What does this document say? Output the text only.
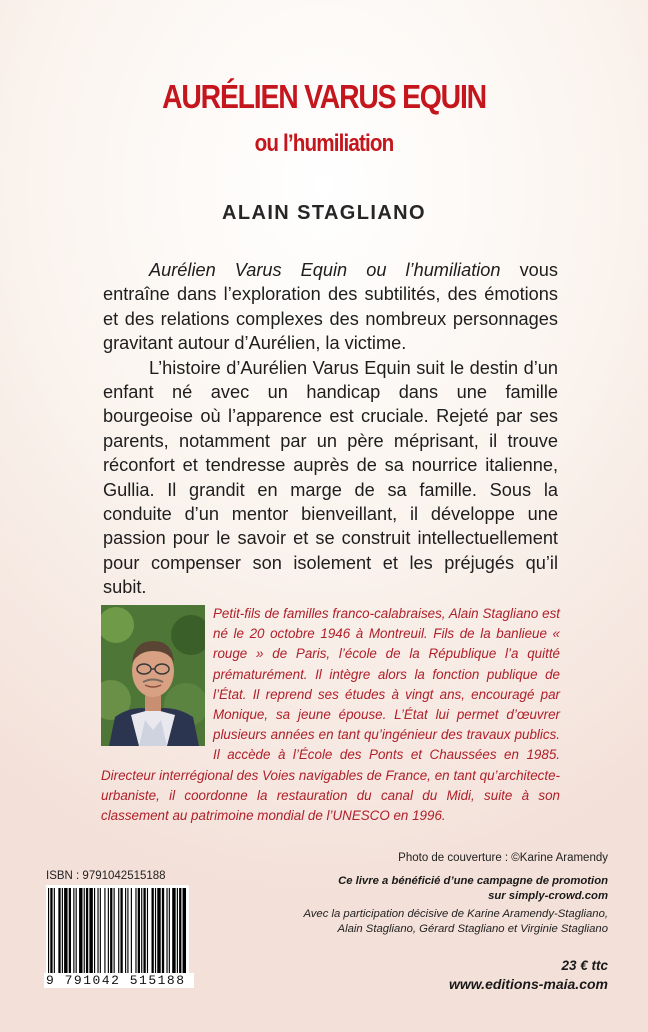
AURÉLIEN VARUS EQUIN
ou l’humiliation
ALAIN STAGLIANO

Aurélien Varus Equin ou l’humiliation vous entraîne dans l’exploration des subtilités, des émotions et des relations complexes des nombreux personnages gravitant autour d’Aurélien, la victime.

L’histoire d’Aurélien Varus Equin suit le destin d’un enfant né avec un handicap dans une famille bourgeoise où l’apparence est cruciale. Rejeté par ses parents, notamment par un père méprisant, il trouve réconfort et tendresse auprès de sa nourrice italienne, Gullia. Il grandit en marge de sa famille. Sous la conduite d’un mentor bienveillant, il développe une passion pour le savoir et se construit intellectuellement pour compenser son isolement et les préjugés qu’il subit.

Petit-fils de familles franco-calabraises, Alain Stagliano est né le 20 octobre 1946 à Montreuil. Fils de la banlieue « rouge » de Paris, l’école de la République l’a quitté prématurément. Il intègre alors la fonction publique de l’État. Il reprend ses études à vingt ans, encouragé par Monique, sa jeune épouse. L’État lui permet d’œuvrer plusieurs années en tant qu’ingénieur des travaux publics. Il accède à l’École des Ponts et Chaussées en 1985. Directeur interrégional des Voies navigables de France, en tant qu’architecte-urbaniste, il coordonne la restauration du canal du Midi, suite à son classement au patrimoine mondial de l’UNESCO en 1996.
Photo de couverture : ©Karine Aramendy
ISBN : 9791042515188
9 791042 515188
Ce livre a bénéficié d’une campagne de promotion
sur simply-crowd.com
Avec la participation décisive de Karine Aramendy-Stagliano,
Alain Stagliano, Gérard Stagliano et Virginie Stagliano
23 € ttc
www.editions-maia.com
